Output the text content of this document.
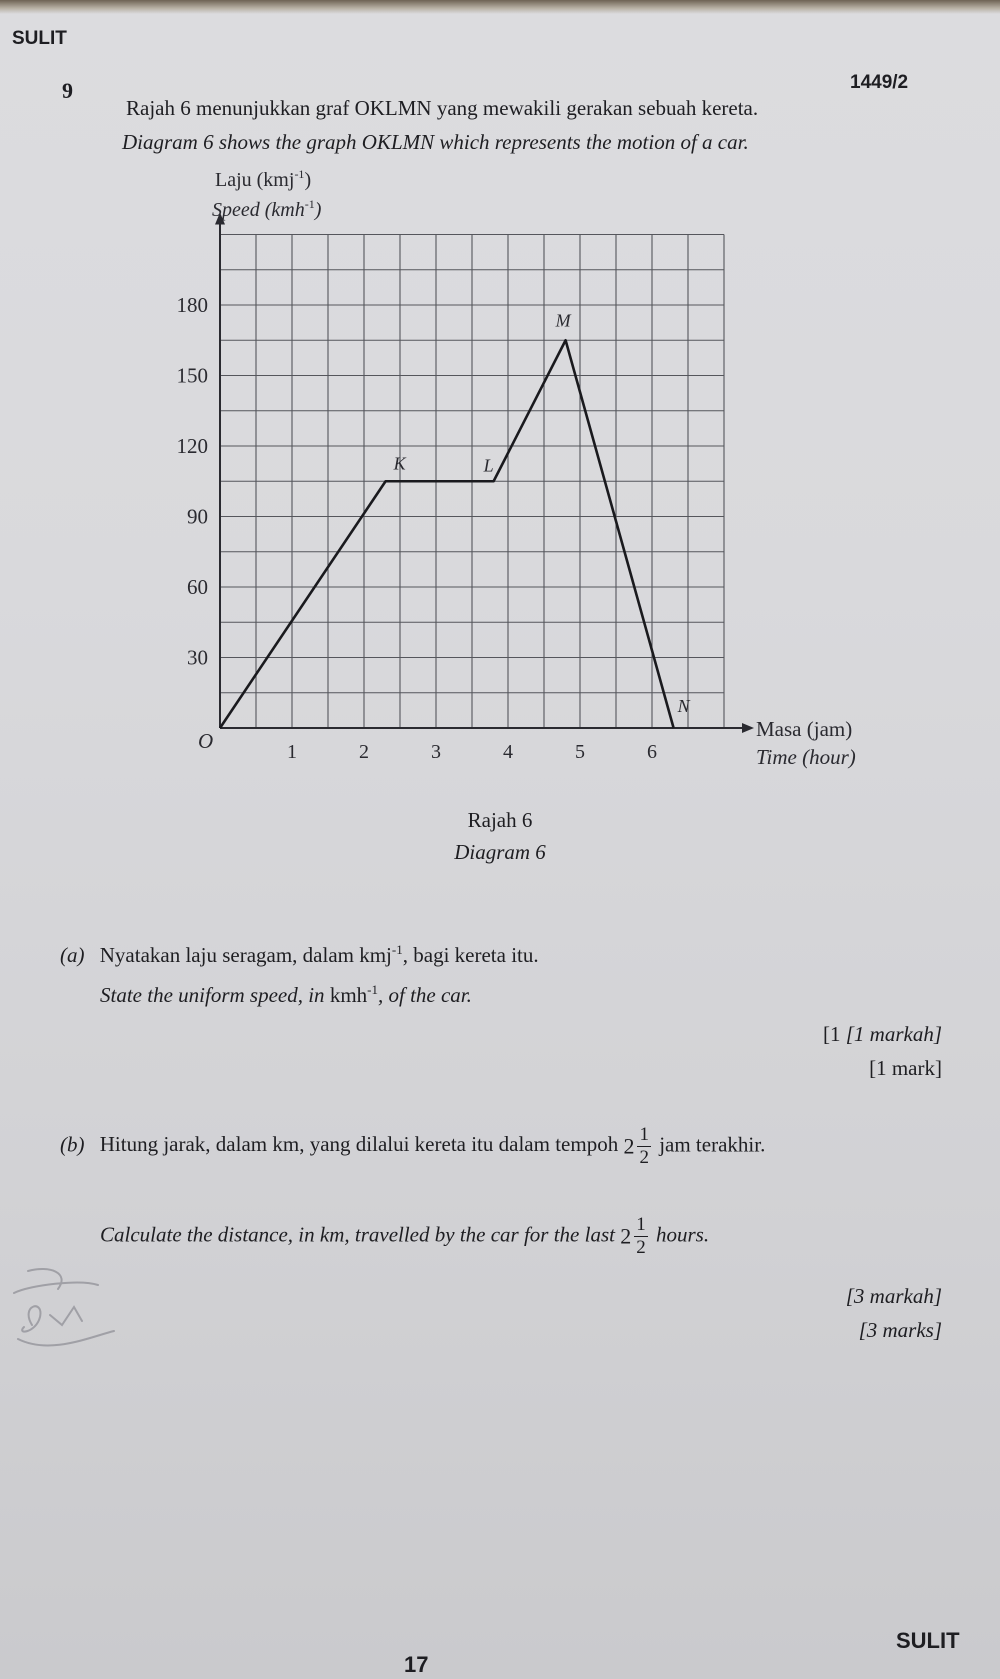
SULIT
1449/2
9
Rajah 6 menunjukkan graf OKLMN yang mewakili gerakan sebuah kereta.
Diagram 6 shows the graph OKLMN which represents the motion of a car.
1	2	3	4	5	6
30
60
90
120
150
180
K	L
M
N
Laju (kmj$^{-1}$)
Speed (kmh$^{-1}$)
Masa (jam)
Time (hour)
O
Rajah 6
Diagram 6
(a) Nyatakan laju seragam, dalam kmj$^{-1}$, bagi kereta itu.
State the uniform speed, in kmh$^{-1}$, of the car.
[1 [1 markah]
[1 mark]
(b) Hitung jarak, dalam km, yang dilalui kereta itu dalam tempoh $2 \frac{1}{2}$ jam terakhir.
Calculate the distance, in km, travelled by the car for the last $2 \frac{1}{2}$ hours.
[3 markah]
[3 marks]
17
SULIT
